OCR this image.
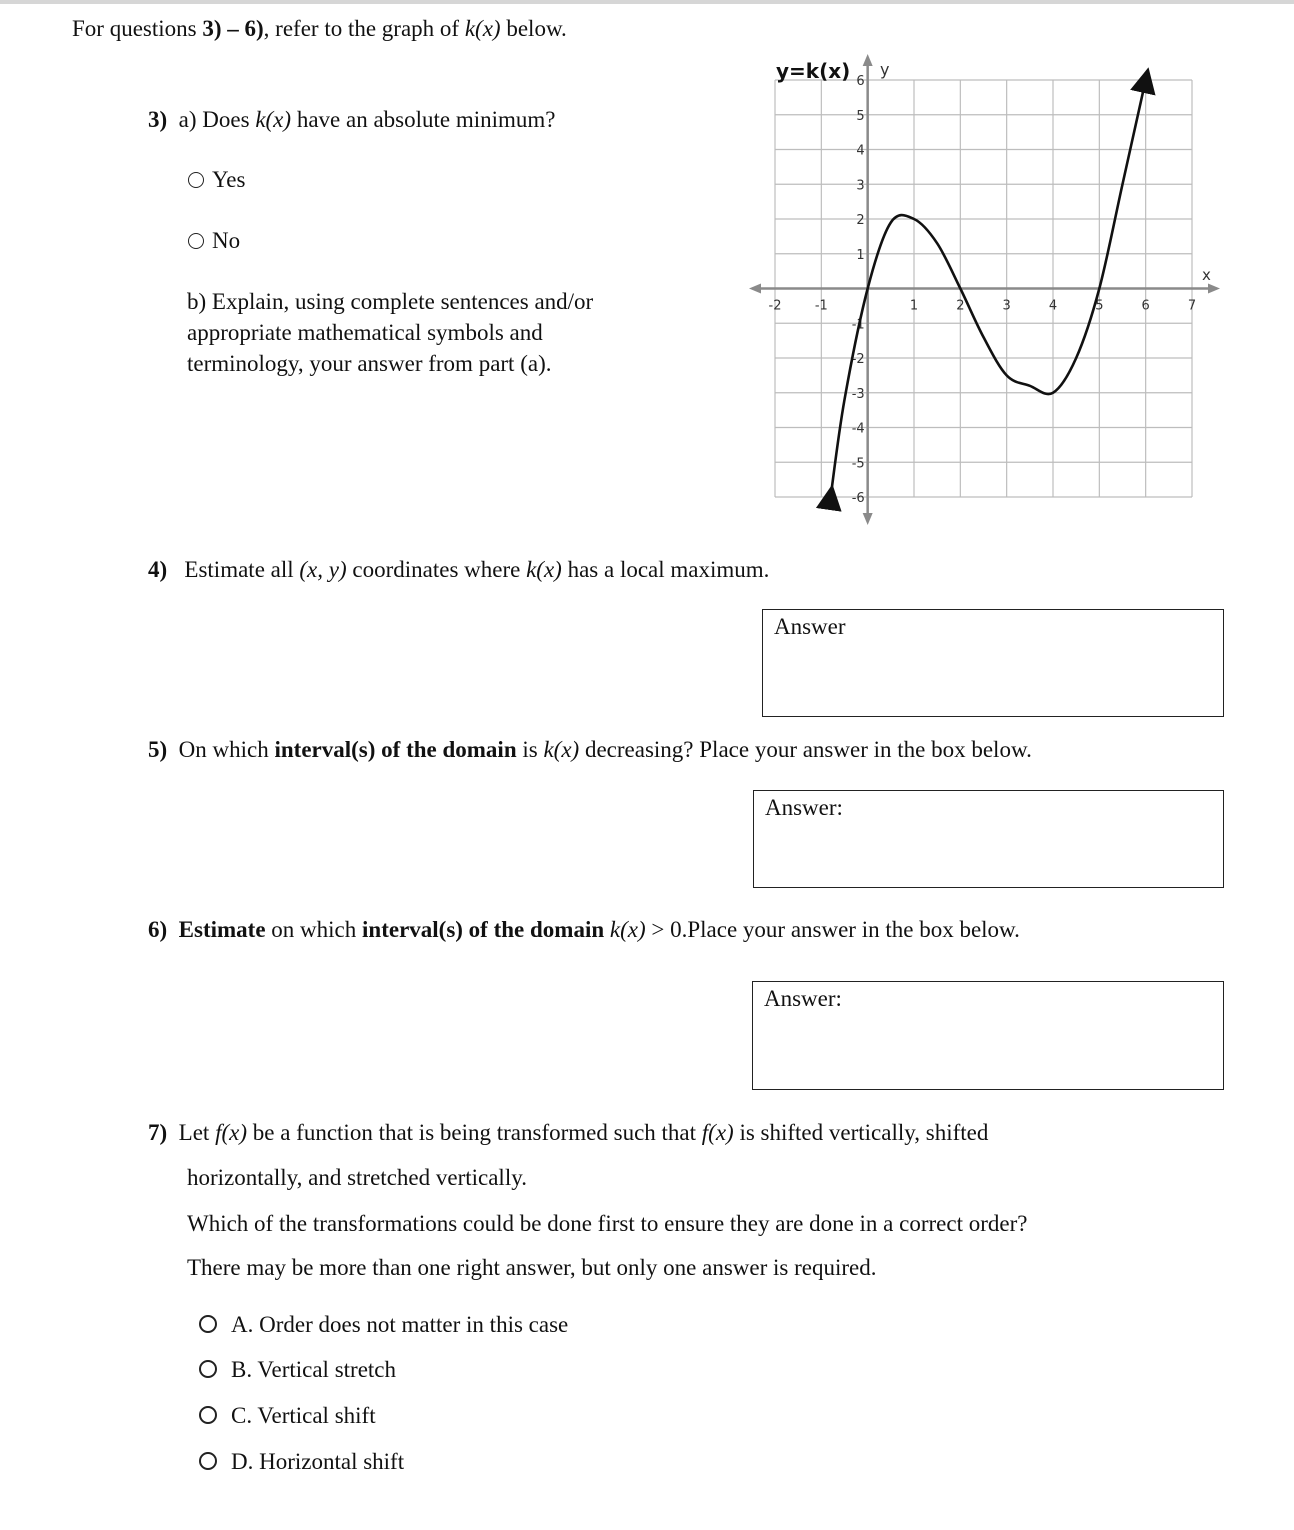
For questions 3) – 6), refer to the graph of k(x) below.
3) a) Does k(x) have an absolute minimum?
Yes
No
b) Explain, using complete sentences and/or
appropriate mathematical symbols and
terminology, your answer from part (a).
-2	-1	1	2	3	4	5	6	7
6
5
4
3
2
1
-1
-2
-3
-4
-5
-6
y=k(x) y
x
4) Estimate all (x, y) coordinates where k(x) has a local maximum.
Answer
5) On which interval(s) of the domain is k(x) decreasing? Place your answer in the box below.
Answer:
6) Estimate on which interval(s) of the domain k(x) > 0.Place your answer in the box below.
Answer:
7) Let f(x) be a function that is being transformed such that f(x) is shifted vertically, shifted
horizontally, and stretched vertically.
Which of the transformations could be done first to ensure they are done in a correct order?
There may be more than one right answer, but only one answer is required.
A. Order does not matter in this case
B. Vertical stretch
C. Vertical shift
D. Horizontal shift
